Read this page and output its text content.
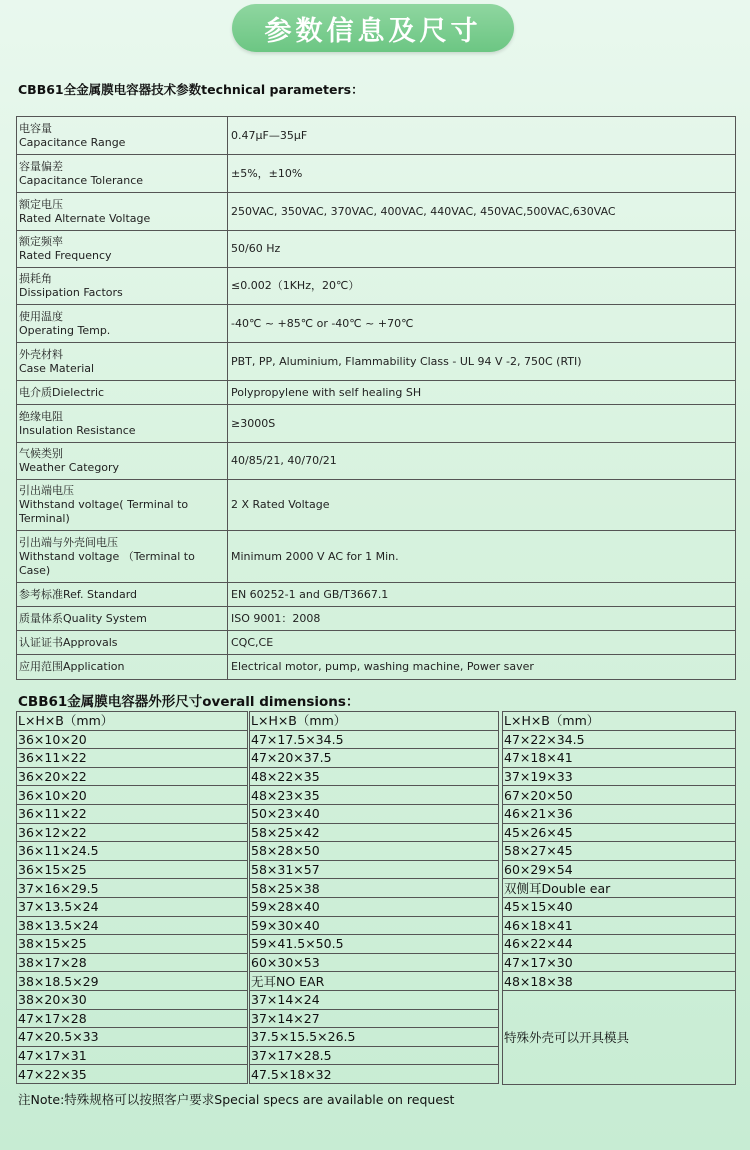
参数信息及尺寸
CBB61全金属膜电容器技术参数technical parameters：
电容量
Capacitance Range	0.47μF—35μF

容量偏差
Capacitance Tolerance	±5%，±10%

额定电压
Rated Alternate Voltage	250VAC, 350VAC, 370VAC, 400VAC, 440VAC, 450VAC,500VAC,630VAC

额定频率
Rated Frequency	50/60 Hz

损耗角
Dissipation Factors	≤0.002（1KHz，20℃）

使用温度
Operating Temp.	-40℃ ~ +85℃ or -40℃ ~ +70℃

外壳材料
Case Material	PBT, PP, Aluminium, Flammability Class - UL 94 V -2, 750C (RTI)

电介质Dielectric	Polypropylene with self healing SH

绝缘电阻
Insulation Resistance	≥3000S

气候类别
Weather Category	40/85/21, 40/70/21

引出端电压
Withstand voltage( Terminal to Terminal)	2 X Rated Voltage

引出端与外壳间电压
Withstand voltage （Terminal to Case)	Minimum 2000 V AC for 1 Min.

参考标准Ref. Standard	EN 60252-1 and GB/T3667.1

质量体系Quality System	ISO 9001：2008

认证证书Approvals	CQC,CE

应用范围Application	Electrical motor, pump, washing machine, Power saver
CBB61金属膜电容器外形尺寸overall dimensions：
L×H×B（mm）
36×10×20
36×11×22
36×20×22
36×10×20
36×11×22
36×12×22
36×11×24.5
36×15×25
37×16×29.5
37×13.5×24
38×13.5×24
38×15×25
38×17×28
38×18.5×29
38×20×30
47×17×28
47×20.5×33
47×17×31
47×22×35
L×H×B（mm）
47×17.5×34.5
47×20×37.5
48×22×35
48×23×35
50×23×40
58×25×42
58×28×50
58×31×57
58×25×38
59×28×40
59×30×40
59×41.5×50.5
60×30×53
无耳NO EAR
37×14×24
37×14×27
37.5×15.5×26.5
37×17×28.5
47.5×18×32
L×H×B（mm）
47×22×34.5
47×18×41
37×19×33
67×20×50
46×21×36
45×26×45
58×27×45
60×29×54
双侧耳Double ear
45×15×40
46×18×41
46×22×44
47×17×30
48×18×38
特殊外壳可以开具模具
注Note:特殊规格可以按照客户要求Special specs are available on request
